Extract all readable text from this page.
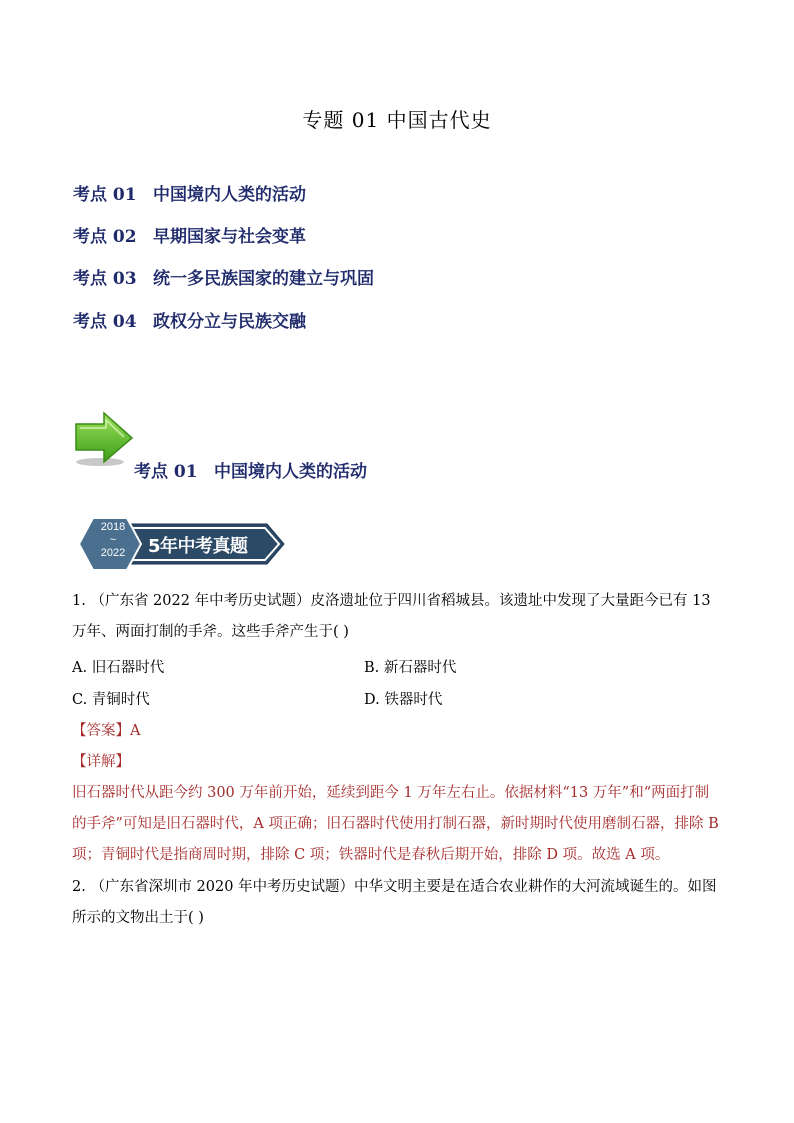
专题 01 中国古代史
考点 01 中国境内人类的活动
考点 02 早期国家与社会变革
考点 03 统一多民族国家的建立与巩固
考点 04 政权分立与民族交融
考点 01 中国境内人类的活动
2018
~
2022	5年中考真题
1. （广东省 2022 年中考历史试题）皮洛遗址位于四川省稻城县。该遗址中发现了大量距今已有 13 万年、两面打制的手斧。这些手斧产生于( )
A. 旧石器时代	B. 新石器时代
C. 青铜时代	D. 铁器时代
【答案】A
【详解】
旧石器时代从距今约 300 万年前开始，延续到距今 1 万年左右止。依据材料“13 万年”和“两面打制的手斧”可知是旧石器时代，A 项正确；旧石器时代使用打制石器，新时期时代使用磨制石器，排除 B 项；青铜时代是指商周时期，排除 C 项；铁器时代是春秋后期开始，排除 D 项。故选 A 项。
2. （广东省深圳市 2020 年中考历史试题）中华文明主要是在适合农业耕作的大河流域诞生的。如图所示的文物出土于( )
